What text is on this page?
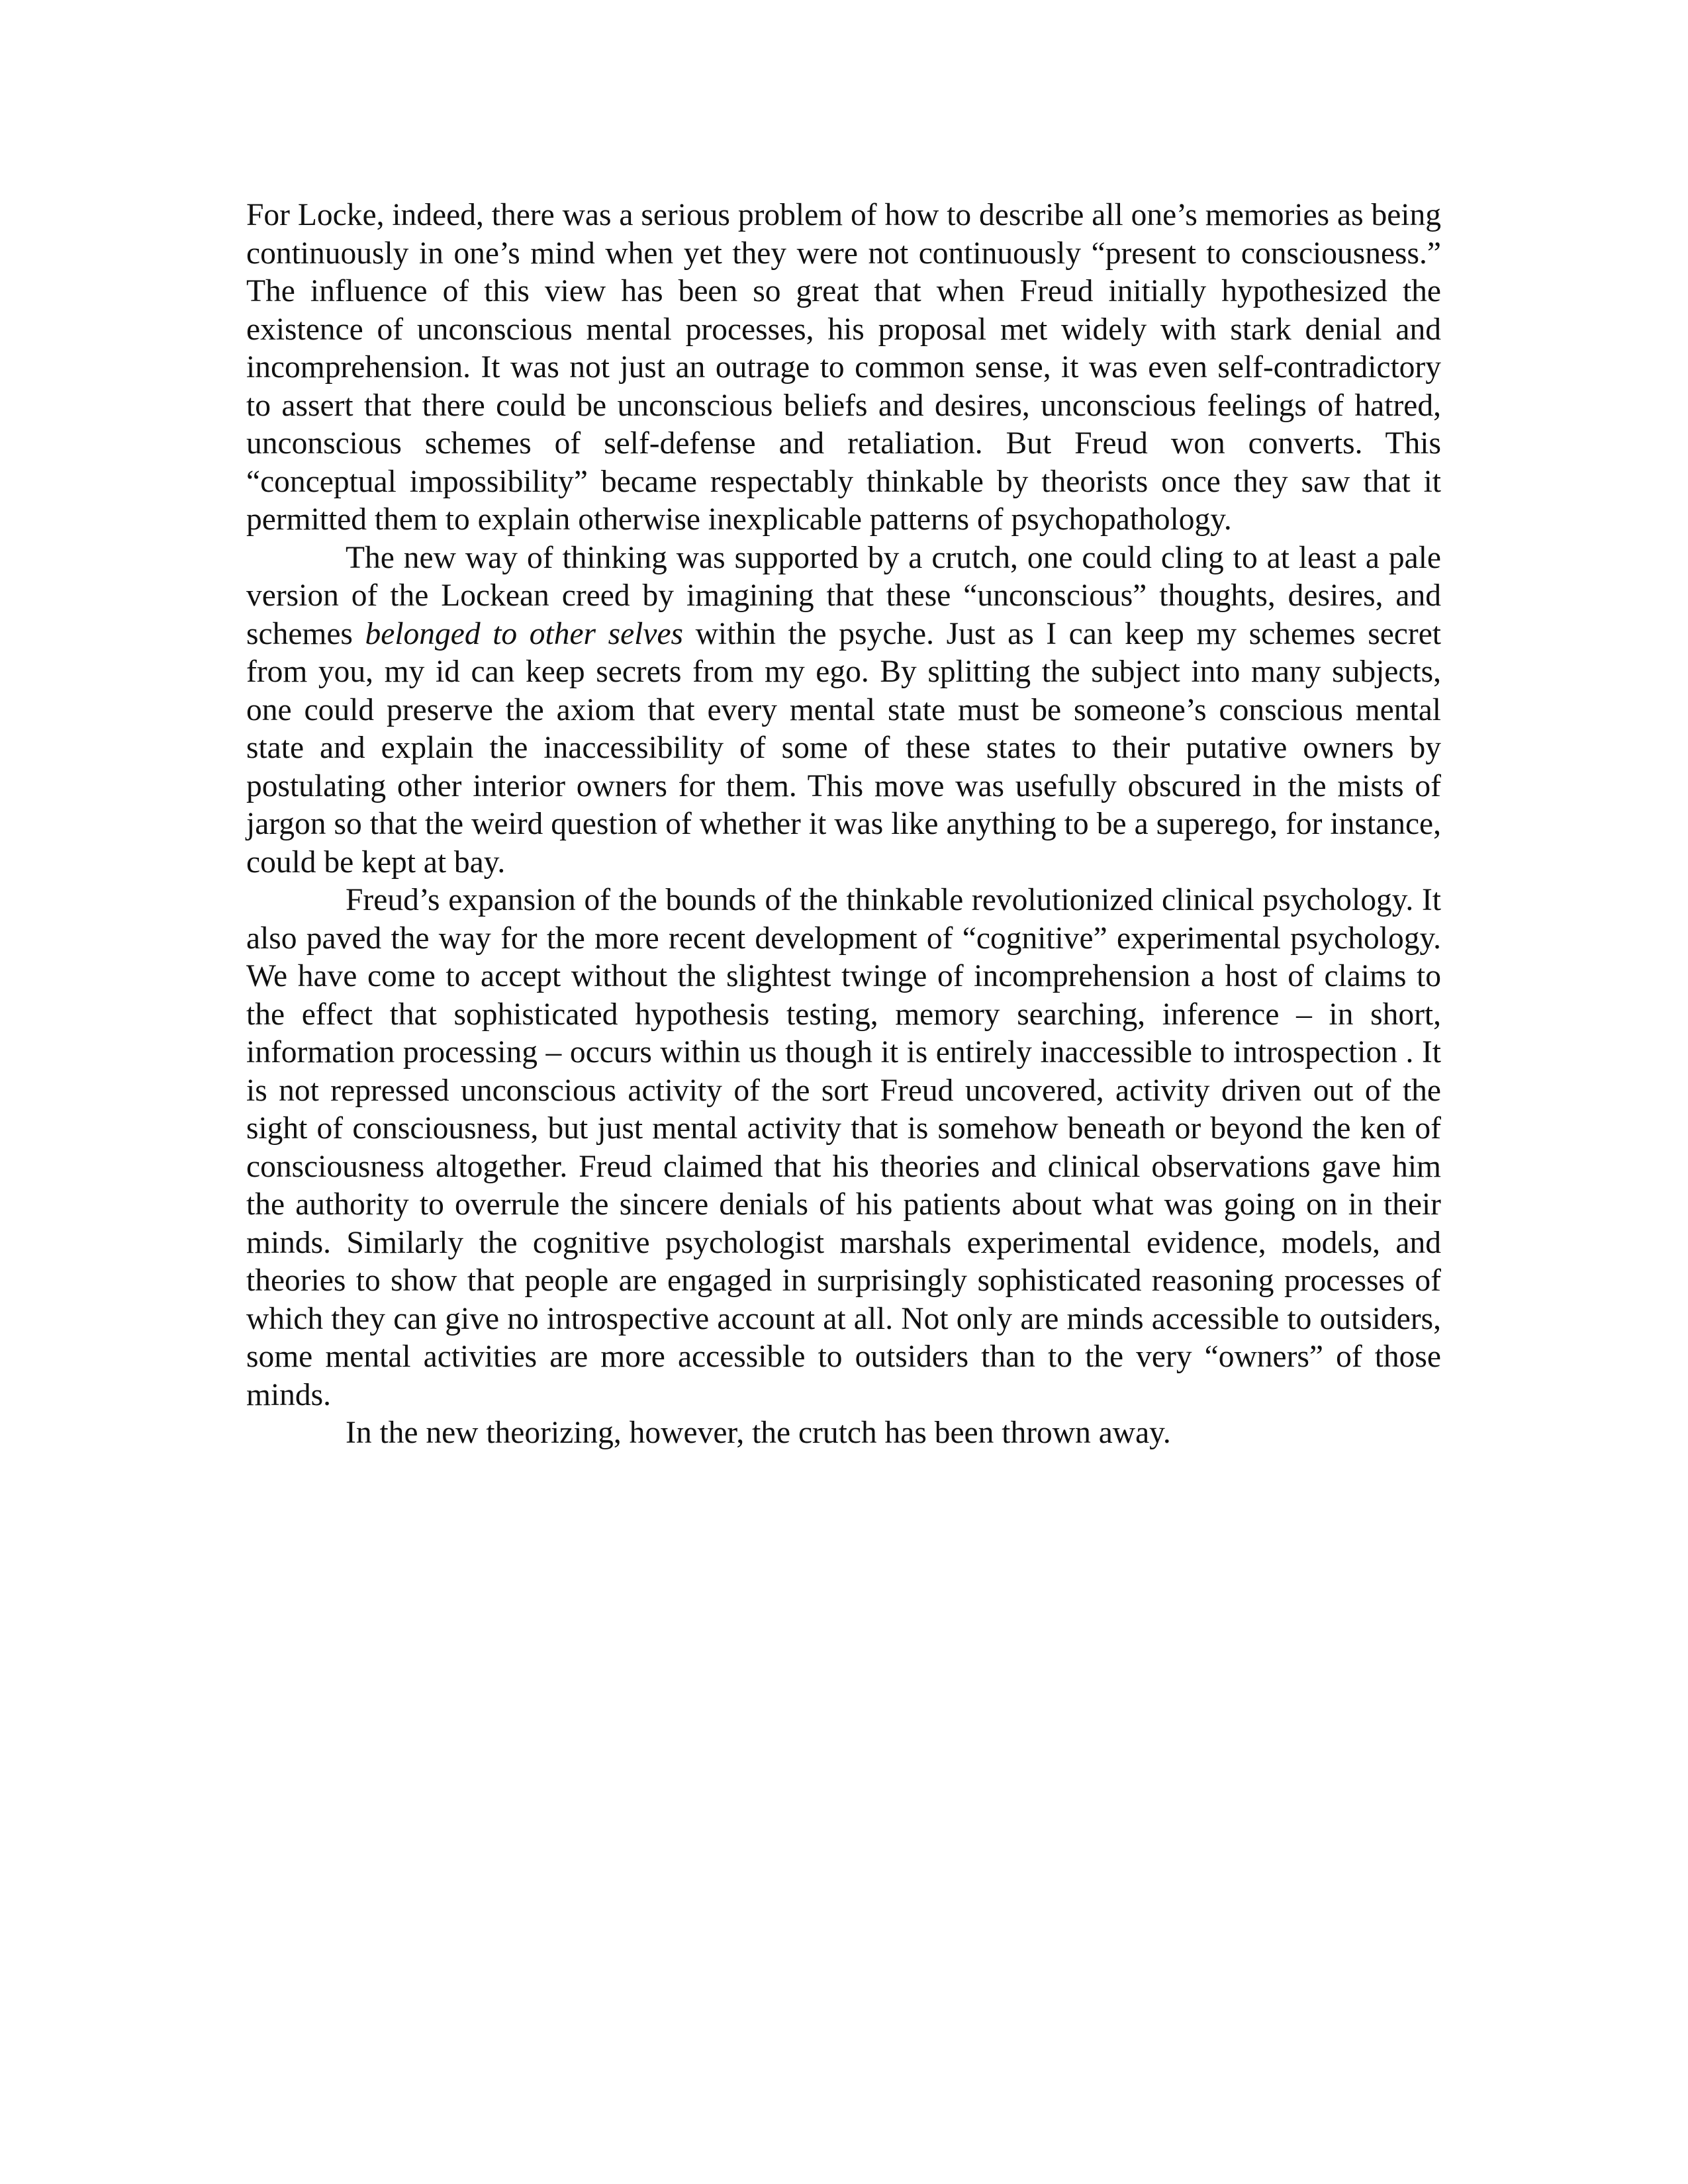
For Locke, indeed, there was a serious problem of how to describe all one’s memories as being continuously in one’s mind when yet they were not continuously “present to consciousness.” The influence of this view has been so great that when Freud initially hypothesized the existence of unconscious mental processes, his proposal met widely with stark denial and incomprehension. It was not just an outrage to common sense, it was even self-contradictory to assert that there could be unconscious beliefs and desires, unconscious feelings of hatred, unconscious schemes of self-defense and retaliation. But Freud won converts. This “conceptual impossibility” became respectably thinkable by theorists once they saw that it permitted them to explain otherwise inexplicable patterns of psychopathology.

The new way of thinking was supported by a crutch, one could cling to at least a pale version of the Lockean creed by imagining that these “unconscious” thoughts, desires, and schemes belonged to other selves within the psyche. Just as I can keep my schemes secret from you, my id can keep secrets from my ego. By splitting the subject into many subjects, one could preserve the axiom that every mental state must be someone’s conscious mental state and explain the inaccessibility of some of these states to their putative owners by postulating other interior owners for them. This move was usefully obscured in the mists of jargon so that the weird question of whether it was like anything to be a superego, for instance, could be kept at bay.

Freud’s expansion of the bounds of the thinkable revolutionized clinical psychology. It also paved the way for the more recent development of “cognitive” experimental psychology. We have come to accept without the slightest twinge of incomprehension a host of claims to the effect that sophisticated hypothesis testing, memory searching, inference – in short, information processing – occurs within us though it is entirely inaccessible to introspection . It is not repressed unconscious activity of the sort Freud uncovered, activity driven out of the sight of consciousness, but just mental activity that is somehow beneath or beyond the ken of consciousness altogether. Freud claimed that his theories and clinical observations gave him the authority to overrule the sincere denials of his patients about what was going on in their minds. Similarly the cognitive psychologist marshals experimental evidence, models, and theories to show that people are engaged in surprisingly sophisticated reasoning processes of which they can give no introspective account at all. Not only are minds accessible to outsiders, some mental activities are more accessible to outsiders than to the very “owners” of those minds.

In the new theorizing, however, the crutch has been thrown away.
